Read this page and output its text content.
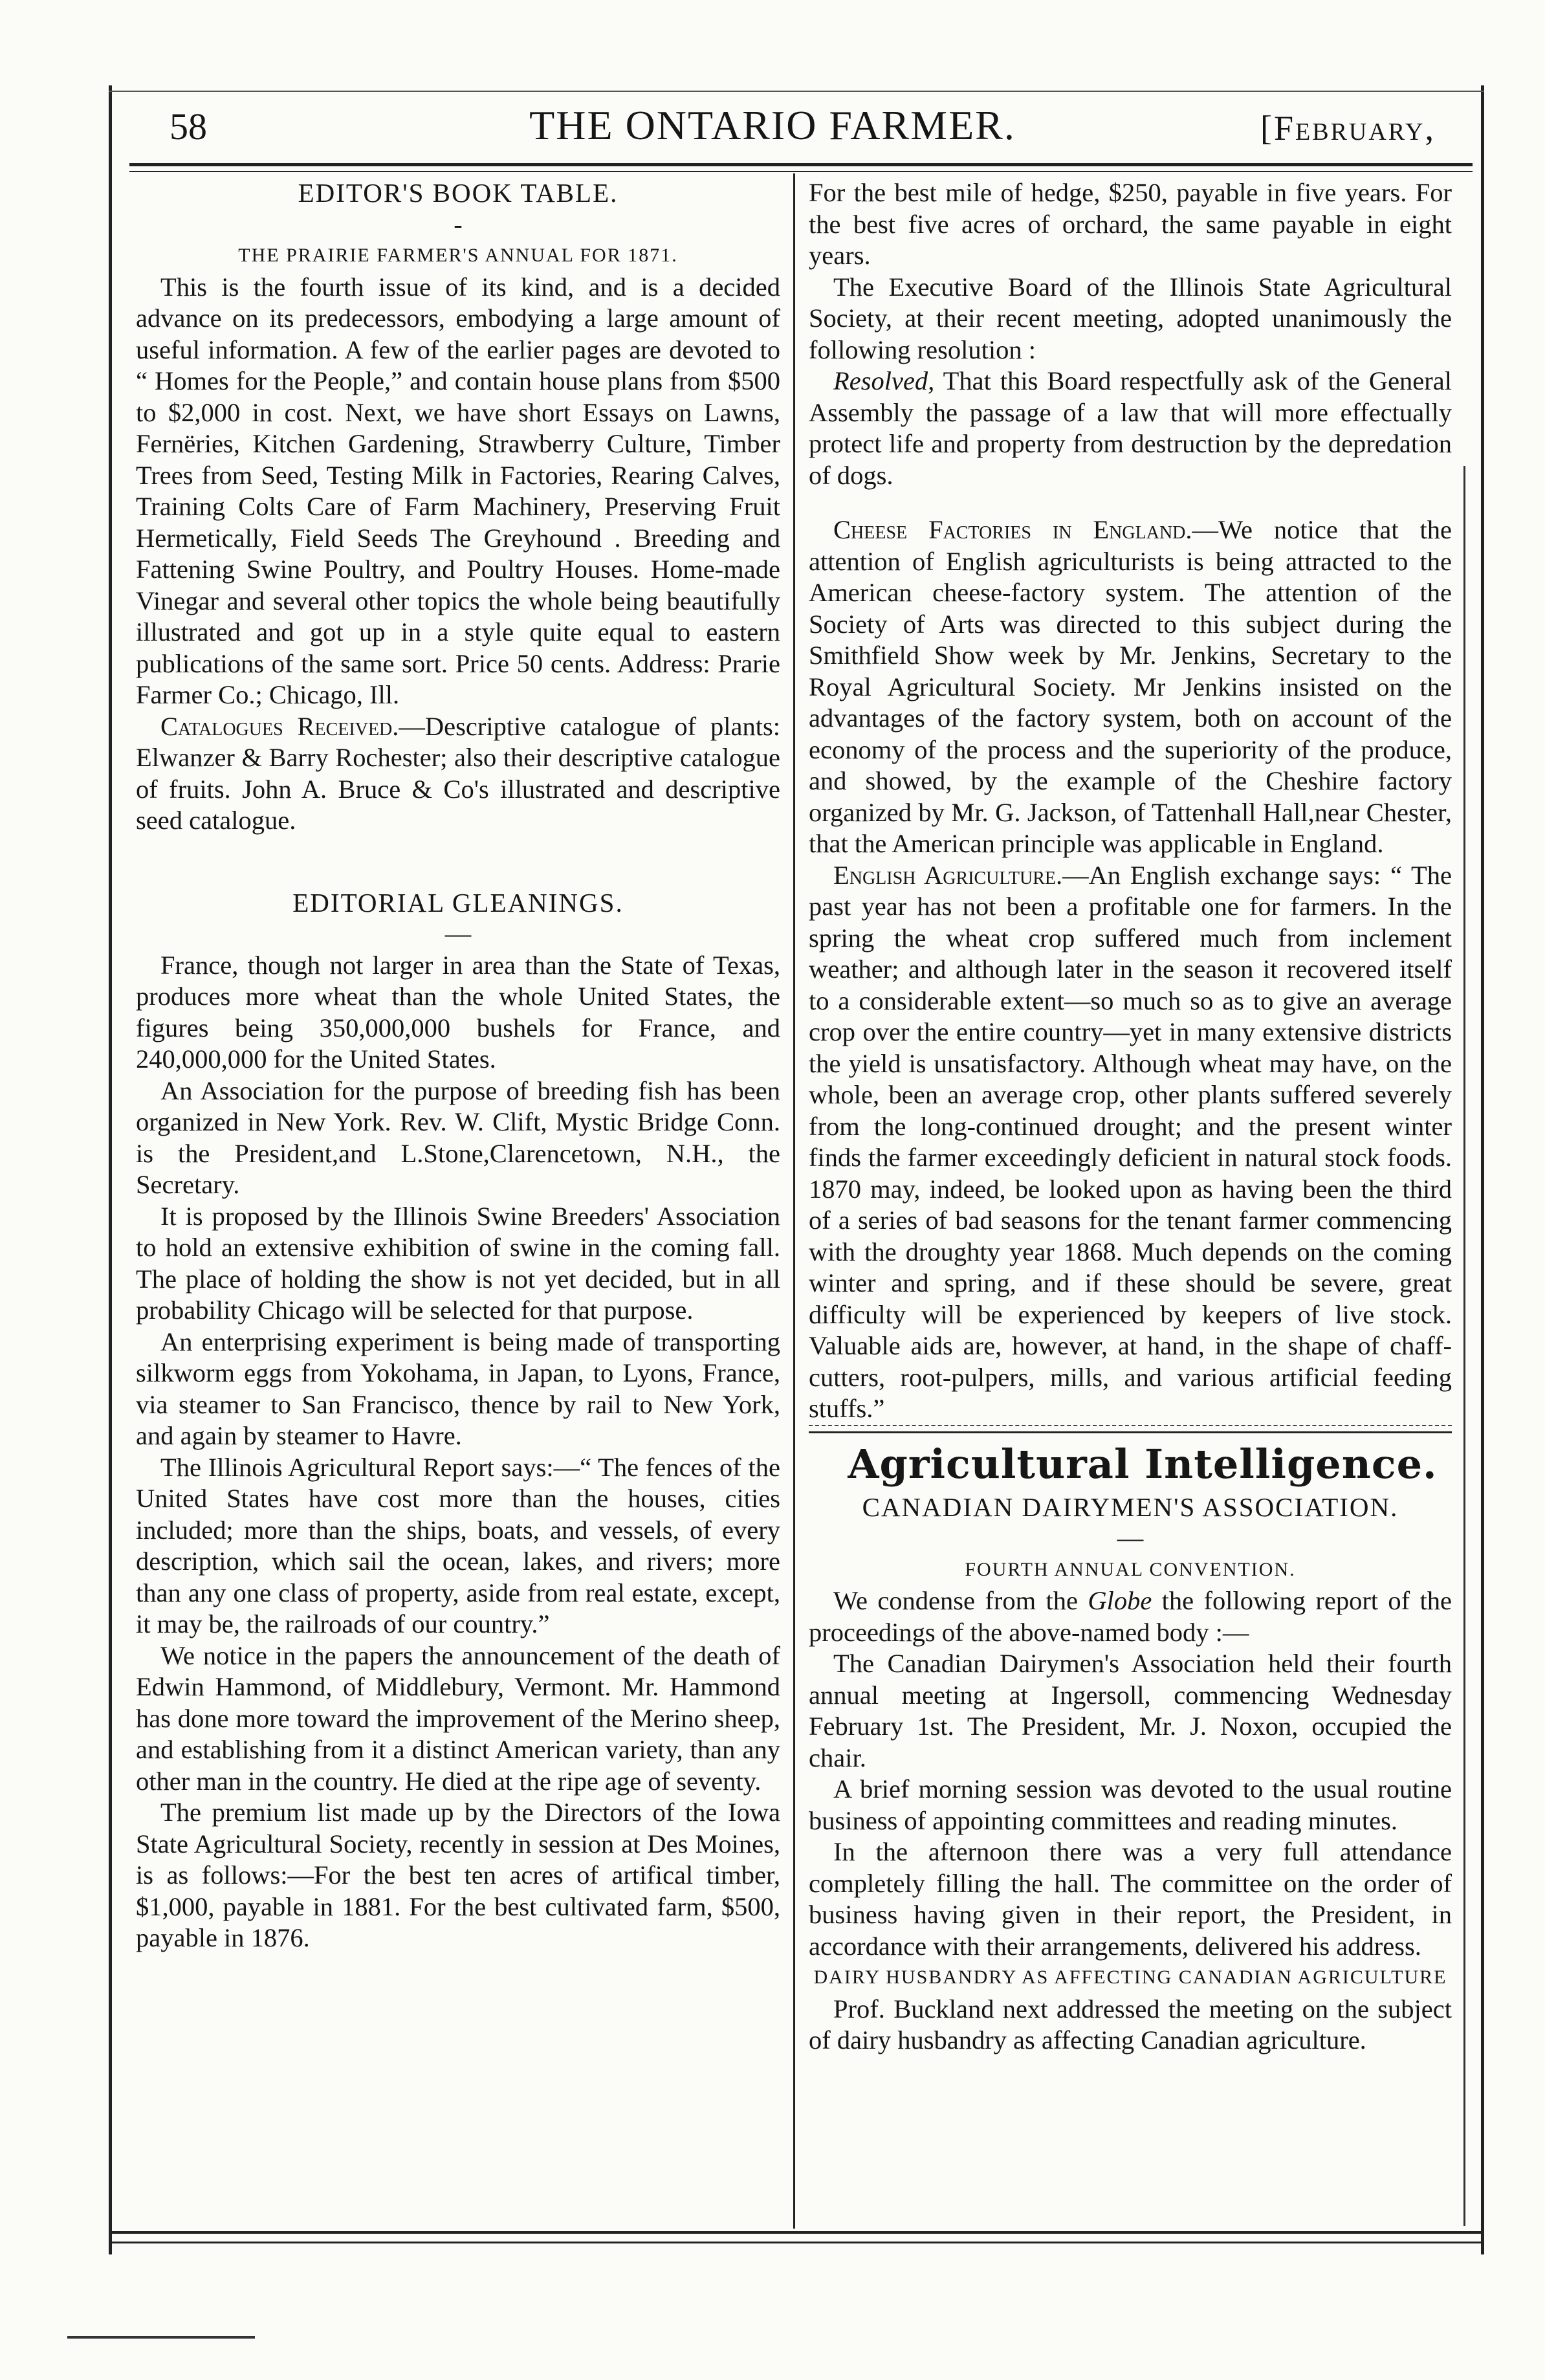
58	THE ONTARIO FARMER.	[February,

EDITOR'S BOOK TABLE.

-

THE PRAIRIE FARMER'S ANNUAL FOR 1871.

This is the fourth issue of its kind, and is a decided advance on its predecessors, embodying a large amount of useful information. A few of the earlier pages are devoted to “ Homes for the People,” and contain house plans from $500 to $2,000 in cost. Next, we have short Essays on Lawns, Fernëries, Kitchen Gardening, Strawberry Culture, Timber Trees from Seed, Testing Milk in Factories, Rearing Calves, Training Colts Care of Farm Machinery, Preserving Fruit Hermetically, Field Seeds The Greyhound . Breeding and Fattening Swine Poultry, and Poultry Houses. Home-made Vinegar and several other topics the whole being beautifully illustrated and got up in a style quite equal to eastern publications of the same sort. Price 50 cents. Address: Prarie Farmer Co.; Chicago, Ill.

Catalogues Received.—Descriptive catalogue of plants: Elwanzer & Barry Rochester; also their descriptive catalogue of fruits. John A. Bruce & Co's illustrated and descriptive seed catalogue.

EDITORIAL GLEANINGS.

—

France, though not larger in area than the State of Texas, produces more wheat than the whole United States, the figures being 350,000,000 bushels for France, and 240,000,000 for the United States.

An Association for the purpose of breeding fish has been organized in New York. Rev. W. Clift, Mystic Bridge Conn. is the President,and L.Stone,Clarencetown, N.H., the Secretary.

It is proposed by the Illinois Swine Breeders' Association to hold an extensive exhibition of swine in the coming fall. The place of holding the show is not yet decided, but in all probability Chicago will be selected for that purpose.

An enterprising experiment is being made of transporting silkworm eggs from Yokohama, in Japan, to Lyons, France, via steamer to San Francisco, thence by rail to New York, and again by steamer to Havre.

The Illinois Agricultural Report says:—“ The fences of the United States have cost more than the houses, cities included; more than the ships, boats, and vessels, of every description, which sail the ocean, lakes, and rivers; more than any one class of property, aside from real estate, except, it may be, the railroads of our country.”

We notice in the papers the announcement of the death of Edwin Hammond, of Middlebury, Vermont. Mr. Hammond has done more toward the improvement of the Merino sheep, and establishing from it a distinct American variety, than any other man in the country. He died at the ripe age of seventy.

The premium list made up by the Directors of the Iowa State Agricultural Society, recently in session at Des Moines, is as follows:—For the best ten acres of artifical timber, $1,000, payable in 1881. For the best cultivated farm, $500, payable in 1876.

For the best mile of hedge, $250, payable in five years. For the best five acres of orchard, the same payable in eight years.

The Executive Board of the Illinois State Agricultural Society, at their recent meeting, adopted unanimously the following resolution :

Resolved, That this Board respectfully ask of the General Assembly the passage of a law that will more effectually protect life and property from destruction by the depredation of dogs.

Cheese Factories in England.—We notice that the attention of English agriculturists is being attracted to the American cheese-factory system. The attention of the Society of Arts was directed to this subject during the Smithfield Show week by Mr. Jenkins, Secretary to the Royal Agricultural Society. Mr Jenkins insisted on the advantages of the factory system, both on account of the economy of the process and the superiority of the produce, and showed, by the example of the Cheshire factory organized by Mr. G. Jackson, of Tattenhall Hall,near Chester, that the American principle was applicable in England.

English Agriculture.—An English exchange says: “ The past year has not been a profitable one for farmers. In the spring the wheat crop suffered much from inclement weather; and although later in the season it recovered itself to a considerable extent—so much so as to give an average crop over the entire country—yet in many extensive districts the yield is unsatisfactory. Although wheat may have, on the whole, been an average crop, other plants suffered severely from the long-continued drought; and the present winter finds the farmer exceedingly deficient in natural stock foods. 1870 may, indeed, be looked upon as having been the third of a series of bad seasons for the tenant farmer commencing with the droughty year 1868. Much depends on the coming winter and spring, and if these should be severe, great difficulty will be experienced by keepers of live stock. Valuable aids are, however, at hand, in the shape of chaff-cutters, root-pulpers, mills, and various artificial feeding stuffs.”

Agricultural Intelligence.

CANADIAN DAIRYMEN'S ASSOCIATION.

—

FOURTH ANNUAL CONVENTION.

We condense from the Globe the following report of the proceedings of the above-named body :—

The Canadian Dairymen's Association held their fourth annual meeting at Ingersoll, commencing Wednesday February 1st. The President, Mr. J. Noxon, occupied the chair.

A brief morning session was devoted to the usual routine business of appointing committees and reading minutes.

In the afternoon there was a very full attendance completely filling the hall. The committee on the order of business having given in their report, the President, in accordance with their arrangements, delivered his address.

DAIRY HUSBANDRY AS AFFECTING CANADIAN AGRICULTURE

Prof. Buckland next addressed the meeting on the subject of dairy husbandry as affecting Canadian agriculture.
